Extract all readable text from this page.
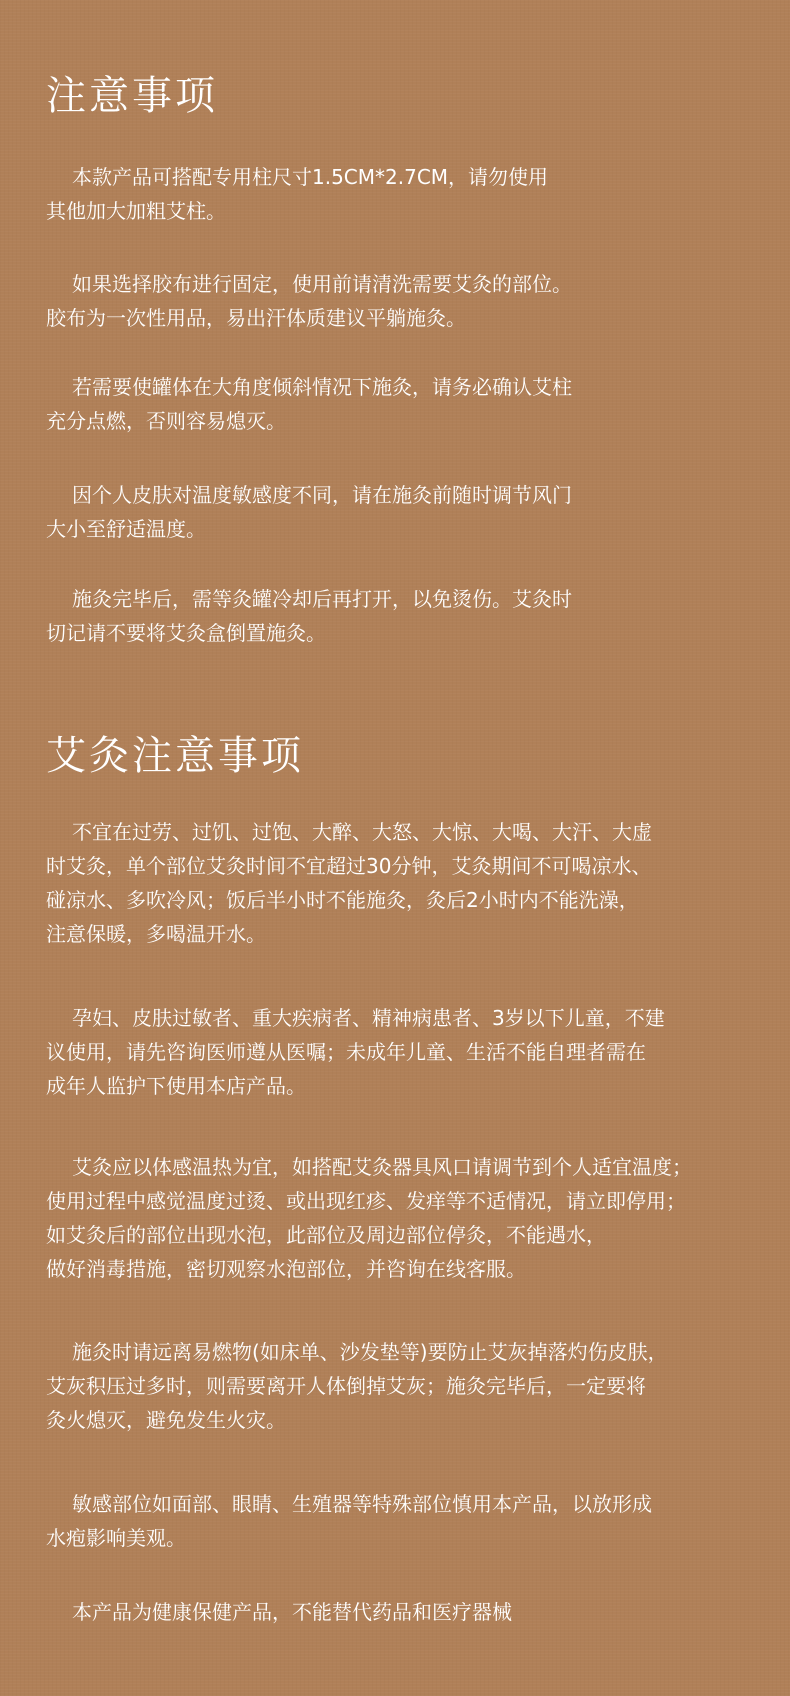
注意事项

本款产品可搭配专用柱尺寸1.5CM*2.7CM，请勿使用
其他加大加粗艾柱。

如果选择胶布进行固定，使用前请清洗需要艾灸的部位。
胶布为一次性用品，易出汗体质建议平躺施灸。

若需要使罐体在大角度倾斜情况下施灸，请务必确认艾柱
充分点燃，否则容易熄灭。

因个人皮肤对温度敏感度不同，请在施灸前随时调节风门
大小至舒适温度。

施灸完毕后，需等灸罐冷却后再打开，以免烫伤。艾灸时
切记请不要将艾灸盒倒置施灸。

艾灸注意事项

不宜在过劳、过饥、过饱、大醉、大怒、大惊、大喝、大汗、大虚
时艾灸，单个部位艾灸时间不宜超过30分钟，艾灸期间不可喝凉水、
碰凉水、多吹冷风；饭后半小时不能施灸，灸后2小时内不能洗澡，
注意保暖，多喝温开水。

孕妇、皮肤过敏者、重大疾病者、精神病患者、3岁以下儿童，不建
议使用，请先咨询医师遵从医嘱；未成年儿童、生活不能自理者需在
成年人监护下使用本店产品。

艾灸应以体感温热为宜，如搭配艾灸器具风口请调节到个人适宜温度；
使用过程中感觉温度过烫、或出现红疹、发痒等不适情况，请立即停用；
如艾灸后的部位出现水泡，此部位及周边部位停灸，不能遇水，
做好消毒措施，密切观察水泡部位，并咨询在线客服。

施灸时请远离易燃物(如床单、沙发垫等)要防止艾灰掉落灼伤皮肤，
艾灰积压过多时，则需要离开人体倒掉艾灰；施灸完毕后，一定要将
灸火熄灭，避免发生火灾。

敏感部位如面部、眼睛、生殖器等特殊部位慎用本产品，以放形成
水疱影响美观。

本产品为健康保健产品，不能替代药品和医疗器械
